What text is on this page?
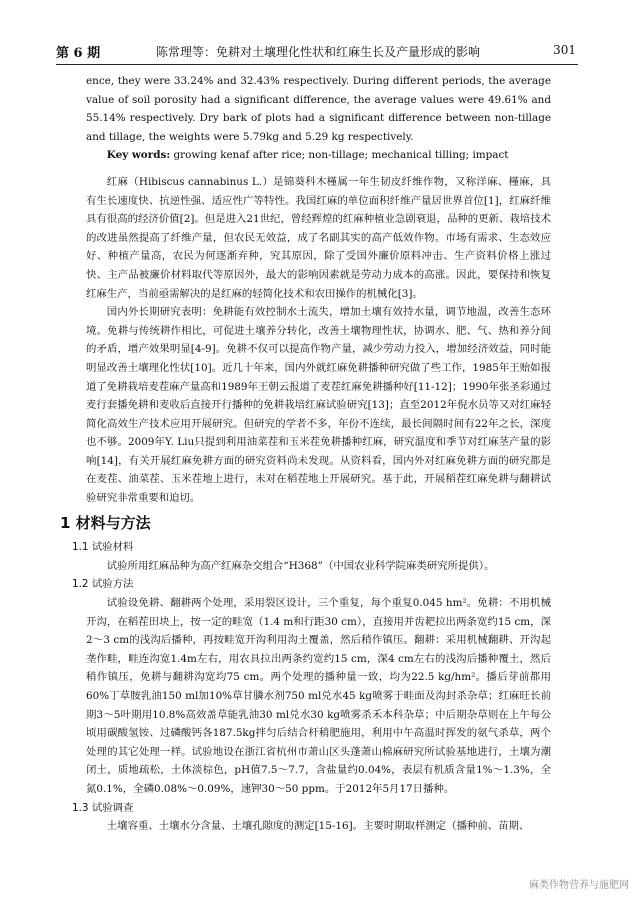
第 6 期	陈常理等：免耕对土壤理化性状和红麻生长及产量形成的影响	301

ence, they were 33.24% and 32.43% respectively. During different periods, the average value of soil porosity had a significant difference, the average values were 49.61% and 55.14% respectively. Dry bark of plots had a significant difference between non-tillage and tillage, the weights were 5.79kg and 5.29 kg respectively.

Key words: growing kenaf after rice; non-tillage; mechanical tilling; impact

红麻（Hibiscus cannabinus L.）是锦葵科木槿属一年生韧皮纤维作物，又称洋麻、槿麻，具有生长速度快、抗逆性强、适应性广等特性。我国红麻的单位面积纤维产量居世界首位[1]，红麻纤维具有很高的经济价值[2]。但是进入21世纪，曾经辉煌的红麻种植业急剧衰退，品种的更新、栽培技术的改进虽然提高了纤维产量，但农民无效益，成了名副其实的高产低效作物。市场有需求、生态效应好、种植产量高，农民为何逐渐弃种，究其原因，除了受国外廉价原料冲击、生产资料价格上涨过快、主产品被廉价材料取代等原因外，最大的影响因素就是劳动力成本的高涨。因此，要保持和恢复红麻生产，当前亟需解决的是红麻的轻简化技术和农田操作的机械化[3]。

国内外长期研究表明：免耕能有效控制水土流失，增加土壤有效持水量，调节地温，改善生态环境。免耕与传统耕作相比，可促进土壤养分转化，改善土壤物理性状，协调水、肥、气、热和养分间的矛盾，增产效果明显[4-9]。免耕不仅可以提高作物产量，减少劳动力投入，增加经济效益，同时能明显改善土壤理化性状[10]。近几十年来，国内外就红麻免耕播种研究做了些工作，1985年王贻如报道了免耕栽培麦茬麻产量高和1989年王朝云报道了麦茬红麻免耕播种好[11-12]；1990年张圣彩通过麦行套播免耕和麦收后直接开行播种的免耕栽培红麻试验研究[13]；直至2012年倪水员等又对红麻轻简化高效生产技术应用开展研究。但研究的学者不多，年份不连续，最长间隔时间有22年之长，深度也不够。2009年Y. Liu只提到利用油菜茬和玉米茬免耕播种红麻，研究温度和季节对红麻茎产量的影响[14]，有关开展红麻免耕方面的研究资料尚未发现。从资料看，国内外对红麻免耕方面的研究都是在麦茬、油菜茬、玉米茬地上进行，未对在稻茬地上开展研究。基于此，开展稻茬红麻免耕与翻耕试验研究非常重要和迫切。

1 材料与方法
1.1 试验材料

试验所用红麻品种为高产红麻杂交组合“H368”（中国农业科学院麻类研究所提供）。

1.2 试验方法

试验设免耕、翻耕两个处理，采用裂区设计，三个重复，每个重复0.045 hm²。免耕：不用机械开沟，在稻茬田块上，按一定的畦宽（1.4 m和行距30 cm），直接用并齿耙拉出两条宽约15 cm，深2～3 cm的浅沟后播种，再按畦宽开沟利用沟土覆盖，然后稍作镇压。翻耕：采用机械翻耕、开沟起垄作畦，畦连沟宽1.4m左右，用农具拉出两条约宽约15 cm，深4 cm左右的浅沟后播种覆土，然后稍作镇压，免耕与翻耕沟宽均75 cm。两个处理的播种量一致，均为22.5 kg/hm²。播后芽前都用60%丁草胺乳油150 ml加10%草甘膦水剂750 ml兑水45 kg喷雾于畦面及沟封杀杂草；红麻旺长前期3～5叶期用10.8%高效盖草能乳油30 ml兑水30 kg喷雾杀禾本科杂草；中后期杂草则在上午每公顷用碳酸氢铵、过磷酸钙各187.5kg拌匀后结合杆稍肥施用，利用中午高温时挥发的氨气杀草，两个处理的其它处理一样。试验地设在浙江省杭州市萧山区头蓬萧山棉麻研究所试验基地进行，土壤为潮闭土，质地疏松，土体淡棕色，pH值7.5～7.7，含盐量约0.04%，表层有机质含量1%～1.3%，全氮0.1%，全磷0.08%～0.09%，速钾30～50 ppm。于2012年5月17日播种。

1.3 试验调查

土壤容重、土壤水分含量、土壤孔隙度的测定[15-16]。主要时期取样测定（播种前、苗期、

麻类作物营养与施肥网
